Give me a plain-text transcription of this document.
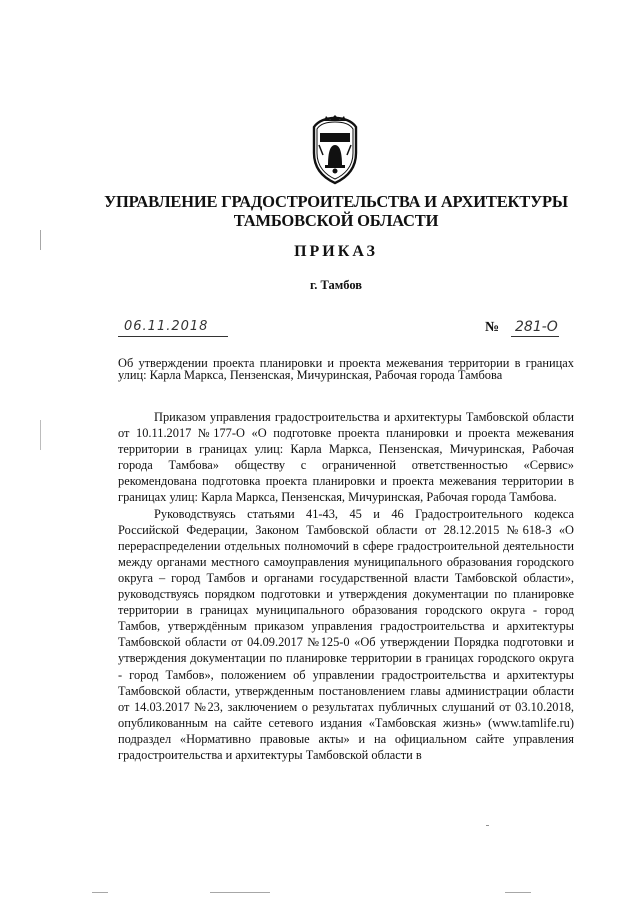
УПРАВЛЕНИЕ ГРАДОСТРОИТЕЛЬСТВА И АРХИТЕКТУРЫ
ТАМБОВСКОЙ ОБЛАСТИ
ПРИКАЗ
г. Тамбов
06.11.2018	№ 281-О
Об утверждении проекта планировки и проекта межевания территории в границах улиц: Карла Маркса, Пензенская, Мичуринская, Рабочая города Тамбова

Приказом управления градостроительства и архитектуры Тамбовской области от 10.11.2017 №177-О «О подготовке проекта планировки и проекта межевания территории в границах улиц: Карла Маркса, Пензенская, Мичуринская, Рабочая города Тамбова» обществу с ограниченной ответственностью «Сервис» рекомендована подготовка проекта планировки и проекта межевания территории в границах улиц: Карла Маркса, Пензенская, Мичуринская, Рабочая города Тамбова.

Руководствуясь статьями 41-43, 45 и 46 Градостроительного кодекса Российской Федерации, Законом Тамбовской области от 28.12.2015 №618-З «О перераспределении отдельных полномочий в сфере градостроительной деятельности между органами местного самоуправления муниципального образования городского округа – город Тамбов и органами государственной власти Тамбовской области», руководствуясь порядком подготовки и утверждения документации по планировке территории в границах муниципального образования городского округа - город Тамбов, утверждённым приказом управления градостроительства и архитектуры Тамбовской области от 04.09.2017 №125-0 «Об утверждении Порядка подготовки и утверждения документации по планировке территории в границах городского округа - город Тамбов», положением об управлении градостроительства и архитектуры Тамбовской области, утвержденным постановлением главы администрации области от 14.03.2017 №23, заключением о результатах публичных слушаний от 03.10.2018, опубликованным на сайте сетевого издания «Тамбовская жизнь» (www.tamlife.ru) подраздел «Нормативно правовые акты» и на официальном сайте управления градостроительства и архитектуры Тамбовской области в
